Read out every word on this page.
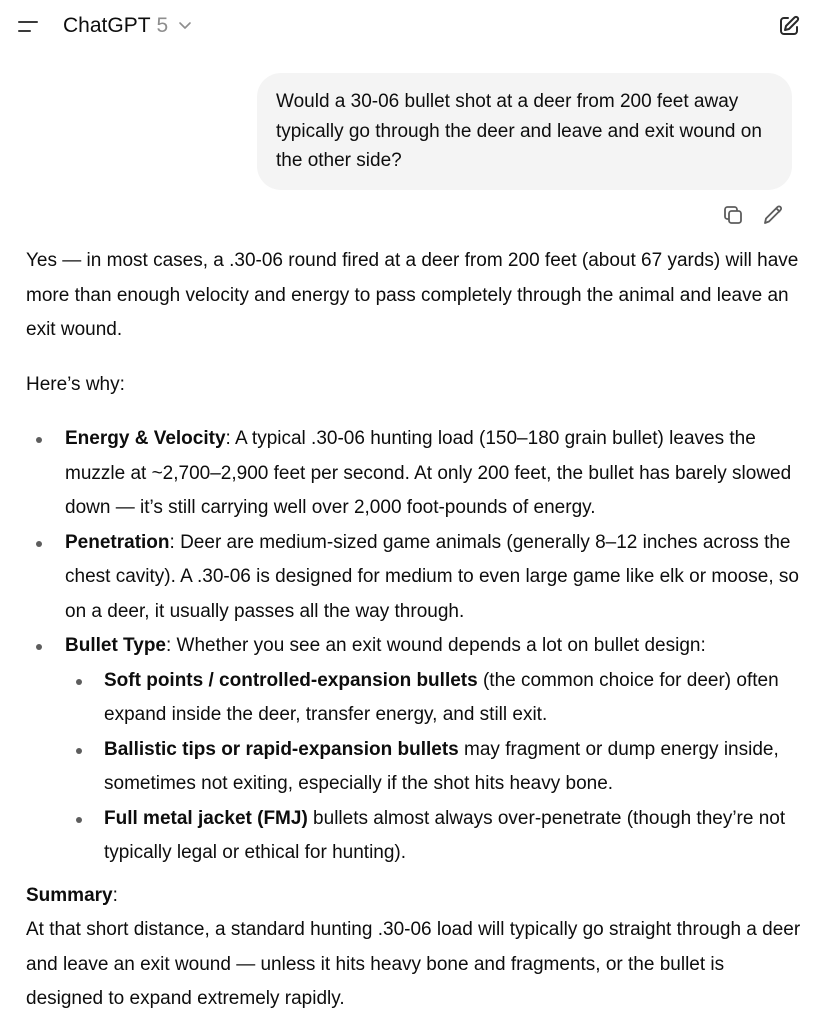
ChatGPT 5
Would a 30-06 bullet shot at a deer from 200 feet away typically go through the deer and leave and exit wound on the other side?

Yes — in most cases, a .30-06 round fired at a deer from 200 feet (about 67 yards) will have more than enough velocity and energy to pass completely through the animal and leave an exit wound.

Here’s why:

Energy & Velocity: A typical .30-06 hunting load (150–180 grain bullet) leaves the muzzle at ~2,700–2,900 feet per second. At only 200 feet, the bullet has barely slowed down — it’s still carrying well over 2,000 foot-pounds of energy.
Penetration: Deer are medium-sized game animals (generally 8–12 inches across the chest cavity). A .30-06 is designed for medium to even large game like elk or moose, so on a deer, it usually passes all the way through.
Bullet Type: Whether you see an exit wound depends a lot on bullet design:
Soft points / controlled-expansion bullets (the common choice for deer) often expand inside the deer, transfer energy, and still exit.
Ballistic tips or rapid-expansion bullets may fragment or dump energy inside, sometimes not exiting, especially if the shot hits heavy bone.
Full metal jacket (FMJ) bullets almost always over-penetrate (though they’re not typically legal or ethical for hunting).

Summary:

At that short distance, a standard hunting .30-06 load will typically go straight through a deer and leave an exit wound — unless it hits heavy bone and fragments, or the bullet is designed to expand extremely rapidly.
